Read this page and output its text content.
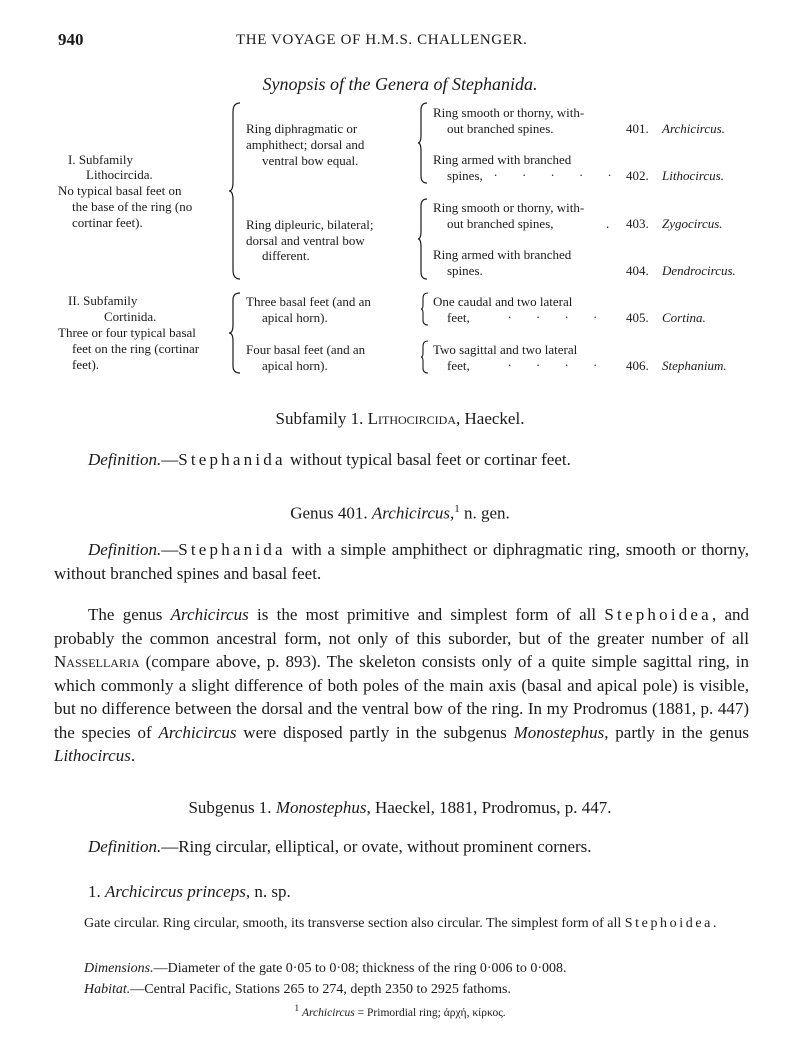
940	THE VOYAGE OF H.M.S. CHALLENGER.
Synopsis of the Genera of Stephanida.
I. Subfamily
Lithocircida.
No typical basal feet on
the base of the ring (no
cortinar feet).
Ring diphragmatic or
amphithect; dorsal and
ventral bow equal.
Ring smooth or thorny, with-
out branched spines.	401. Archicircus.
Ring armed with branched
spines, . . . . . 402. Lithocircus.
Ring dipleuric, bilateral;
dorsal and ventral bow
different.
Ring smooth or thorny, with-
out branched spines,	. 403. Zygocircus.
Ring armed with branched
spines.	404. Dendrocircus.
II. Subfamily
Cortinida.
Three or four typical basal
feet on the ring (cortinar
feet).
Three basal feet (and an
apical horn).
One caudal and two lateral
feet,	. . . . 405. Cortina.
Four basal feet (and an
apical horn).
Two sagittal and two lateral
feet,	. . . . 406. Stephanium.
Subfamily 1. Lithocircida, Haeckel.
Definition.—Stephanida without typical basal feet or cortinar feet.
Genus 401. Archicircus,$^1$ n. gen.
Definition.—Stephanida with a simple amphithect or diphragmatic ring, smooth or thorny, without branched spines and basal feet.
The genus Archicircus is the most primitive and simplest form of all Stephoidea, and probably the common ancestral form, not only of this suborder, but of the greater number of all Nassellaria (compare above, p. 893). The skeleton consists only of a quite simple sagittal ring, in which commonly a slight difference of both poles of the main axis (basal and apical pole) is visible, but no difference between the dorsal and the ventral bow of the ring. In my Prodromus (1881, p. 447) the species of Archicircus were disposed partly in the subgenus Monostephus, partly in the genus Lithocircus.
Subgenus 1. Monostephus, Haeckel, 1881, Prodromus, p. 447.
Definition.—Ring circular, elliptical, or ovate, without prominent corners.
1. Archicircus princeps, n. sp.
Gate circular. Ring circular, smooth, its transverse section also circular. The simplest form of all Stephoidea.
Dimensions.—Diameter of the gate 0·05 to 0·08; thickness of the ring 0·006 to 0·008.
Habitat.—Central Pacific, Stations 265 to 274, depth 2350 to 2925 fathoms.
$^1$ Archicircus = Primordial ring; ἀρχή, κίρκος.
